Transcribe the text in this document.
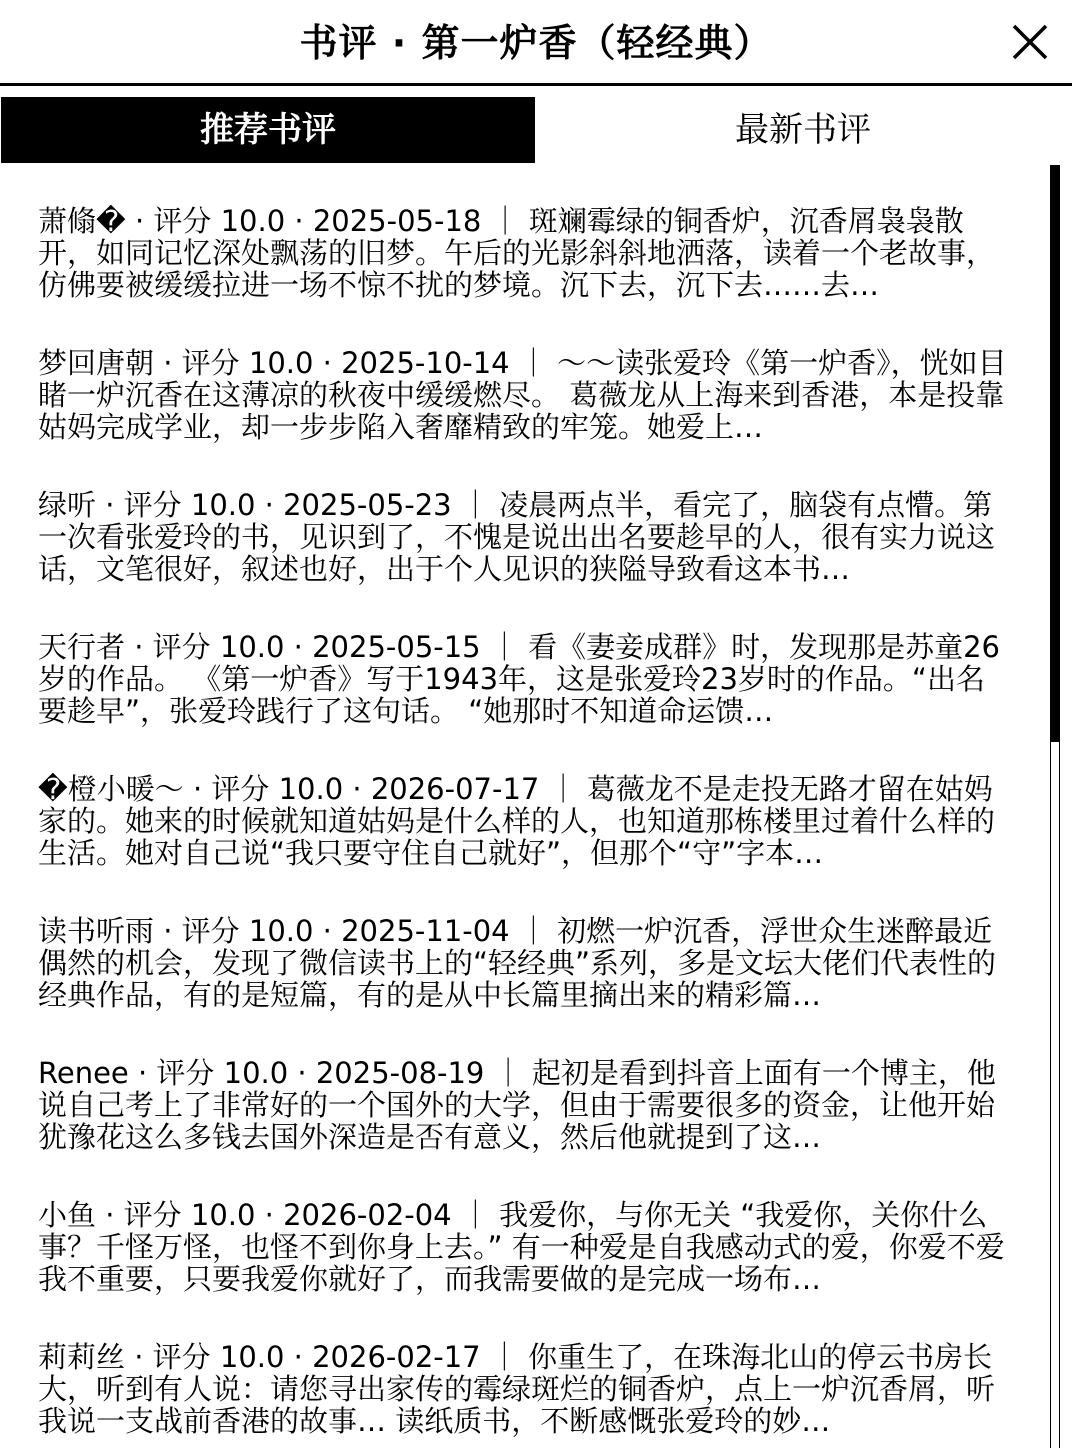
书评 · 第一炉香（轻经典）
推荐书评	最新书评
萧翛� · 评分 10.0 · 2025-05-18 ｜ 斑斓霉绿的铜香炉，沉香屑袅袅散开，如同记忆深处飘荡的旧梦。午后的光影斜斜地洒落，读着一个老故事，仿佛要被缓缓拉进一场不惊不扰的梦境。沉下去，沉下去……去…
梦回唐朝 · 评分 10.0 · 2025-10-14 ｜ ～～读张爱玲《第一炉香》，恍如目睹一炉沉香在这薄凉的秋夜中缓缓燃尽。 葛薇龙从上海来到香港，本是投靠姑妈完成学业，却一步步陷入奢靡精致的牢笼。她爱上…
绿听 · 评分 10.0 · 2025-05-23 ｜ 凌晨两点半，看完了，脑袋有点懵。第一次看张爱玲的书，见识到了，不愧是说出出名要趁早的人，很有实力说这话，文笔很好，叙述也好，出于个人见识的狭隘导致看这本书…
天行者 · 评分 10.0 · 2025-05-15 ｜ 看《妻妾成群》时，发现那是苏童26岁的作品。 《第一炉香》写于1943年，这是张爱玲23岁时的作品。“出名要趁早”，张爱玲践行了这句话。 “她那时不知道命运馈…
�橙小暖～ · 评分 10.0 · 2026-07-17 ｜ 葛薇龙不是走投无路才留在姑妈家的。她来的时候就知道姑妈是什么样的人，也知道那栋楼里过着什么样的生活。她对自己说“我只要守住自己就好”，但那个“守”字本…
读书听雨 · 评分 10.0 · 2025-11-04 ｜ 初燃一炉沉香，浮世众生迷醉最近偶然的机会，发现了微信读书上的“轻经典”系列，多是文坛大佬们代表性的经典作品，有的是短篇，有的是从中长篇里摘出来的精彩篇…
Renee · 评分 10.0 · 2025-08-19 ｜ 起初是看到抖音上面有一个博主，他说自己考上了非常好的一个国外的大学，但由于需要很多的￼资金，让他开始犹豫花这么多钱去国外深造是否有意义，然后他就提到了这…
小鱼 · 评分 10.0 · 2026-02-04 ｜ 我爱你，与你无关 “我爱你，关你什么事？千怪万怪，也怪不到你身上去。” 有一种爱是自我感动式的爱，你爱不爱我不重要，只要我爱你就好了，而我需要做的是完成一场布…
莉莉丝 · 评分 10.0 · 2026-02-17 ｜ 你重生了，在珠海北山的停云书房长大，听到有人说：请您寻出家传的霉绿斑烂的铜香炉，点上一炉沉香屑，听我说一支战前香港的故事… 读纸质书，不断感慨张爱玲的妙…
